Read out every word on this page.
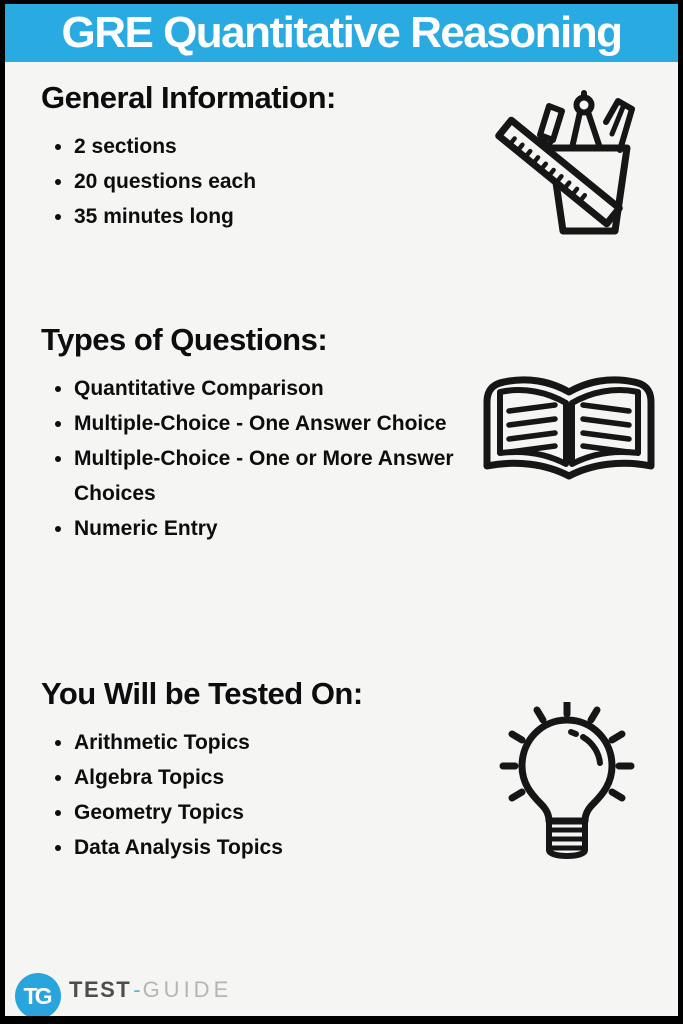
GRE Quantitative Reasoning
General Information:
• 2 sections
• 20 questions each
• 35 minutes long
Types of Questions:
• Quantitative Comparison
• Multiple-Choice - One Answer Choice
• Multiple-Choice - One or More Answer Choices
• Numeric Entry
You Will be Tested On:
• Arithmetic Topics
• Algebra Topics
• Geometry Topics
• Data Analysis Topics
TG TEST-GUIDE
